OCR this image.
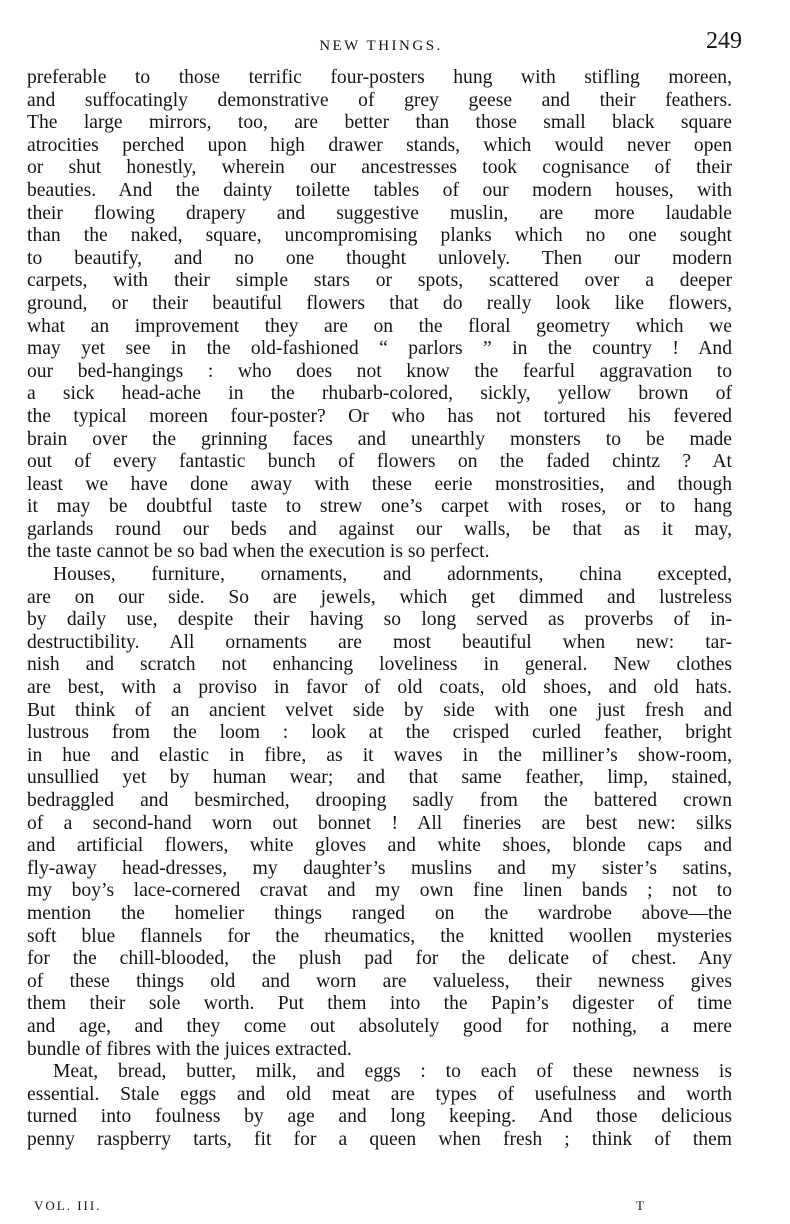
NEW THINGS.	249
preferable to those terrific four-posters hung with stifling moreen,
and suffocatingly demonstrative of grey geese and their feathers.
The large mirrors, too, are better than those small black square
atrocities perched upon high drawer stands, which would never open
or shut honestly, wherein our ancestresses took cognisance of their
beauties. And the dainty toilette tables of our modern houses, with
their flowing drapery and suggestive muslin, are more laudable
than the naked, square, uncompromising planks which no one sought
to beautify, and no one thought unlovely. Then our modern
carpets, with their simple stars or spots, scattered over a deeper
ground, or their beautiful flowers that do really look like flowers,
what an improvement they are on the floral geometry which we
may yet see in the old-fashioned “ parlors ” in the country ! And
our bed-hangings : who does not know the fearful aggravation to
a sick head-ache in the rhubarb-colored, sickly, yellow brown of
the typical moreen four-poster? Or who has not tortured his fevered
brain over the grinning faces and unearthly monsters to be made
out of every fantastic bunch of flowers on the faded chintz ? At
least we have done away with these eerie monstrosities, and though
it may be doubtful taste to strew one’s carpet with roses, or to hang
garlands round our beds and against our walls, be that as it may,
the taste cannot be so bad when the execution is so perfect.
Houses, furniture, ornaments, and adornments, china excepted,
are on our side. So are jewels, which get dimmed and lustreless
by daily use, despite their having so long served as proverbs of in-
destructibility. All ornaments are most beautiful when new: tar-
nish and scratch not enhancing loveliness in general. New clothes
are best, with a proviso in favor of old coats, old shoes, and old hats.
But think of an ancient velvet side by side with one just fresh and
lustrous from the loom : look at the crisped curled feather, bright
in hue and elastic in fibre, as it waves in the milliner’s show-room,
unsullied yet by human wear; and that same feather, limp, stained,
bedraggled and besmirched, drooping sadly from the battered crown
of a second-hand worn out bonnet ! All fineries are best new: silks
and artificial flowers, white gloves and white shoes, blonde caps and
fly-away head-dresses, my daughter’s muslins and my sister’s satins,
my boy’s lace-cornered cravat and my own fine linen bands ; not to
mention the homelier things ranged on the wardrobe above—the
soft blue flannels for the rheumatics, the knitted woollen mysteries
for the chill-blooded, the plush pad for the delicate of chest. Any
of these things old and worn are valueless, their newness gives
them their sole worth. Put them into the Papin’s digester of time
and age, and they come out absolutely good for nothing, a mere
bundle of fibres with the juices extracted.
Meat, bread, butter, milk, and eggs : to each of these newness is
essential. Stale eggs and old meat are types of usefulness and worth
turned into foulness by age and long keeping. And those delicious
penny raspberry tarts, fit for a queen when fresh ; think of them
VOL. III.	T
